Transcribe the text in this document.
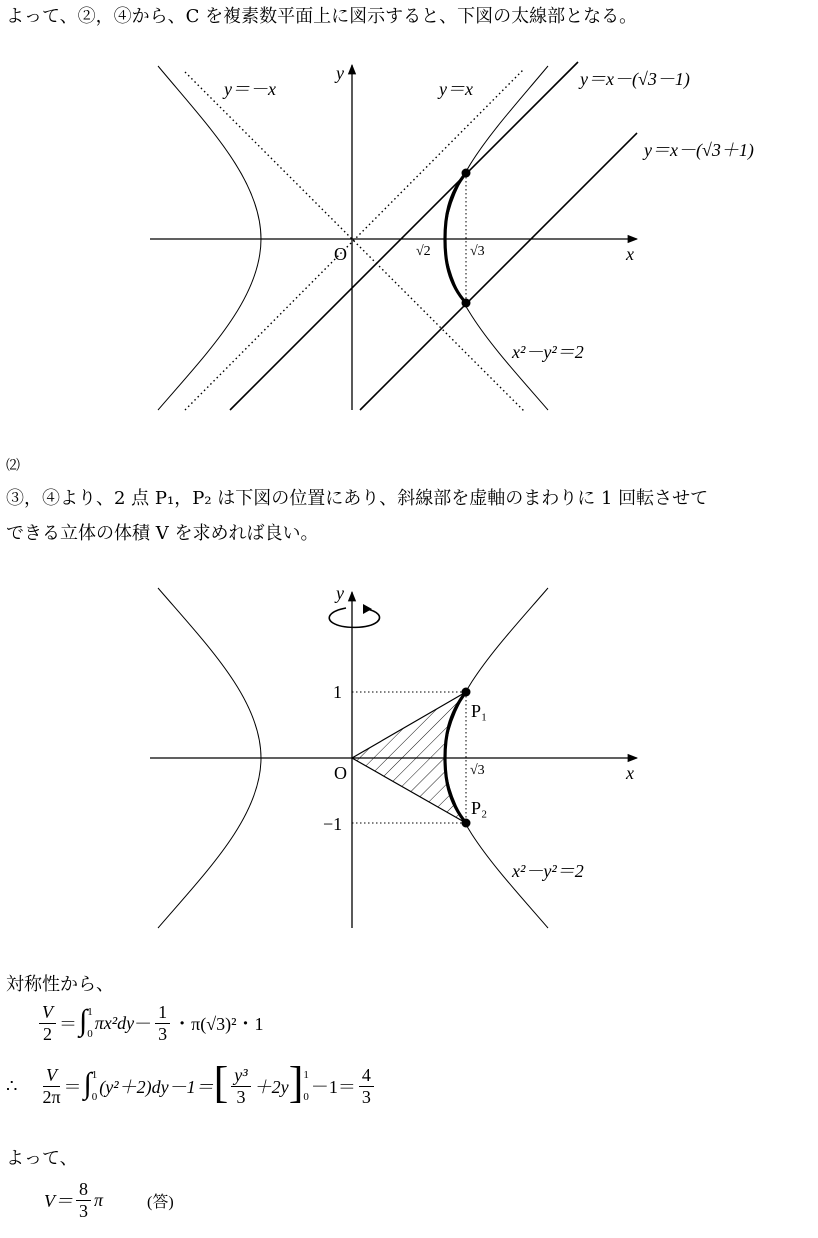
よって、②，④から、C を複素数平面上に図示すると、下図の太線部となる。
y
x
O
y＝－x	y＝x	y＝x－(√3－1)
y＝x－(√3＋1)
√2	√3
x²－y²＝2
⑵
③，④より、2 点 P₁，P₂ は下図の位置にあり、斜線部を虚軸のまわりに 1 回転させて
できる立体の体積 V を求めれば良い。
y
x
O
1
−1
√3
P₁
P₂
x²－y²＝2
対称性から、
$\frac{V}{2}$ ＝ ∫ 1
0
$\pi x^2dy - \frac{1}{3}$ ・π(√3)²・1
∴ $\frac{V}{2\pi}$ ＝ ∫ 1
0 (y²＋2)dy－1＝ [ $\frac{\text{y³}}{3} +2y$ ] 1
$0 -1= \frac{4}{3}$
よって、
$V= \frac{8}{3}$ π	(答)
